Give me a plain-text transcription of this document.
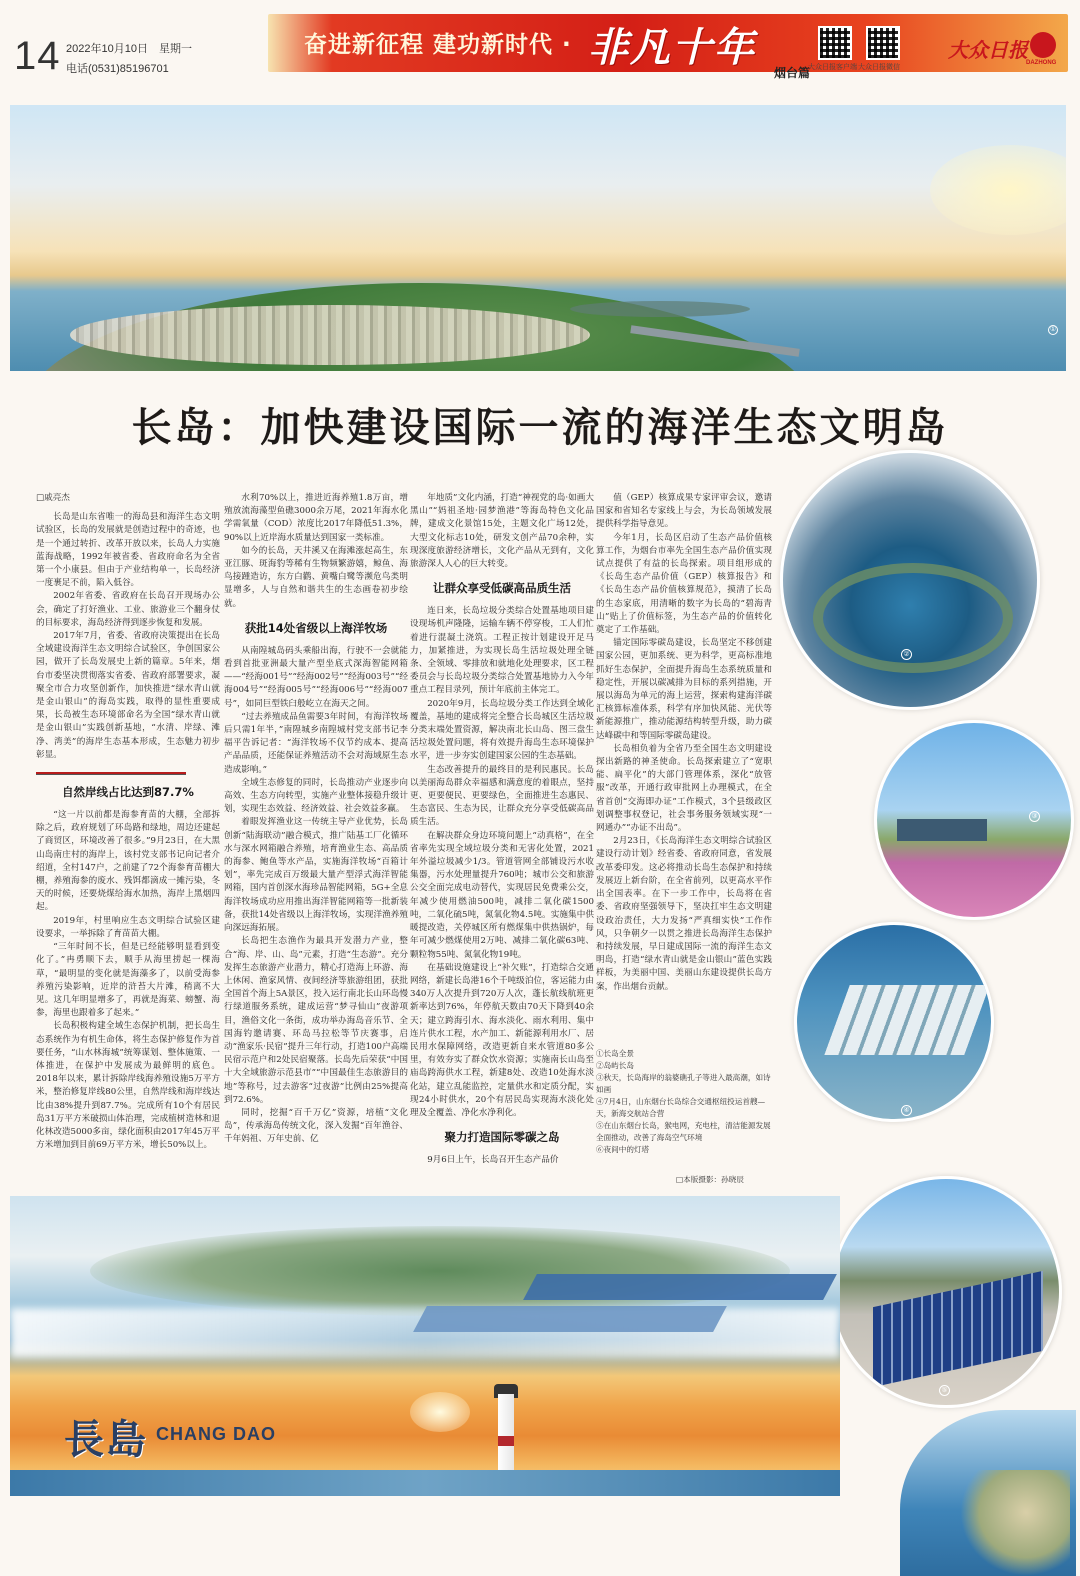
14 2022年10月10日　星期一
电话(0531)85196701
奋进新征程 建功新时代 · 非凡十年
烟台篇
大众日报客户端 大众日报微信
大众日报
DAZHONG
①
长岛：加快建设国际一流的海洋生态文明岛

□戚亮杰

长岛是山东省唯一的海岛县和海洋生态文明试验区，长岛的发展就是创造过程中的奇迹，也是一个通过转折、改革开放以来，长岛人力实施蓝海战略，1992年被省委、省政府命名为全省第一个小康县。但由于产业结构单一，长岛经济一度裹足不前，陷入低谷。

2002年省委、省政府在长岛召开现场办公会，确定了打好渔业、工业、旅游业三个翻身仗的目标要求，海岛经济得到逐步恢复和发展。

2017年7月，省委、省政府决策提出在长岛全域建设海洋生态文明综合试验区，争创国家公园，做开了长岛发展史上新的篇章。5年来，烟台市委坚决贯彻落实省委、省政府部署要求，凝聚全市合力攻坚创新作，加快推进“绿水青山就是金山银山”的海岛实践，取得的显性重要成果，长岛被生态环境部命名为全国“绿水青山就是金山银山”实践创新基地，“水清、岸绿、滩净、湾美”的海岸生态基本形成，生态魅力初步彰显。

自然岸线占比达到87.7%

“这一片以前都是海参育苗的大棚，全部拆除之后，政府规划了环岛路和绿地，周边还建起了商贸区，环境改善了很多。”9月23日，在大黑山岛南庄村的海岸上，该村党支部书记向记者介绍道，全村147户，之前建了72个海参育苗棚大棚，养殖海参的废水、残饵都滴成一摊污染，冬天的时候，还要烧煤给海水加热，海岸上黑烟四起。

2019年，村里响应生态文明综合试验区建设要求，一举拆除了育苗苗大棚。

“三年时间不长，但是已经能够明显看到变化了。”冉勇顺下去，顺手从海里捞起一棵海草，“最明显的变化就是海藻多了，以前受海参养殖污染影响，近岸的浒苔大片滩，稍离不大见。这几年明显增多了，再就是海菜、螃蟹、海参，海里也跟着多了起来。”

长岛积极构建全域生态保护机制，把长岛生态系统作为有机生命体，将生态保护修复作为首要任务，“山水林海城”统筹谋划、整体施策、一体推进，在保护中发展成为最鲜明的底色。2018年以来，累计拆除岸线海养殖设施5万平方米，整治修复岸线80公里，自然岸线和海岸线达比由38%提升到87.7%。完成所有10个有居民岛31万平方米破损山体治理，完成植树造林和退化林改造5000多亩，绿化面积由2017年45万平方米增加到目前69万平方米，增长50%以上。

水利70%以上，推进近海养殖1.8万亩，增殖放流海藻型鱼礁3000余万尾，2021年海水化学需氧量（COD）浓度比2017年降低51.3%，90%以上近岸海水质量达到国家一类标准。

如今的长岛，天井溪又在海滩涨起高生，东亚江豚、斑海豹等稀有生物频繁游嬉，鲸鱼、海鸟接踵造访，东方白鹳、黄嘴白鹭等濒危鸟类明显增多，人与自然和谐共生的生态画卷初步绘就。

获批14处省级以上海洋牧场

从南隍城岛码头乘船出海，行驶不一会就能看到首批亚洲最大量产型坐底式深海智能网箱——“经海001号”“经海002号”“经海003号”“经海004号”“经海005号”“经海006号”“经海007号”，如同巨型铁臼般屹立在海天之间。

“过去养殖成品鱼需要3年时间，有海洋牧场后只需1年半，”南隍城乡南隍城村党支部书记李福平告诉记者：“海洋牧场不仅节约成本、提高产品品质，还能保证养殖活动不会对海域原生态造成影响。”

全域生态修复的同时，长岛推动产业逐步向高效、生态方向转型，实施产业整体接稳升级计划，实现生态效益、经济效益、社会效益多赢。

着眼发挥渔业这一传统主导产业优势，长岛创新“陆海联动”融合模式，推广陆基工厂化循环水与深水网箱融合养殖，培育渔业生态、高品质的海参、鲍鱼等水产品，实施海洋牧场“百箱计划”，率先完成百万级最大量产型浮式海洋智能网箱，国内首创深水海珍品智能网箱，5G+全息海洋牧场成功应用推出海洋智能网箱等一批新装备，获批14处省级以上海洋牧场，实现洋渔养殖向深远海拓展。

长岛把生态渔作为最具开发潜力产业，整合“海、岸、山、岛”元素，打造“生态游”。充分发挥生态旅游产业潜力，精心打造海上环游、海上休闲、渔家风情、夜间经济等旅游组团，获批全国首个海上5A景区，投入运行南北长山环岛慢行绿道服务系统，建成运营“梦寻仙山”夜游项目，渔俗文化一条街，成功举办海岛音乐节、全国海钓邀请赛、环岛马拉松等节庆赛事，启动“渔家乐·民宿”提升三年行动，打造100户高端民宿示范户和2处民宿聚落。长岛先后荣获“中国十大全域旅游示范县市”“中国最佳生态旅游目的地”等称号，过去游客“过夜游”比例由25%提高到72.6%。

同时，挖掘“百千万亿”资源，培植“文化岛”，传承海岛传统文化，深入发掘“百年渔谷、千年妈祖、万年史前、亿

年地质”文化内涵，打造“神视党的岛·如画大黑山”“妈祖圣地·园梦渔港”等海岛特色文化品牌，建成文化景馆15处，主题文化广场12处，大型文化标志10处，研发文创产品70余种，实现深度旅游经济增长，文化产品从无到有，文化旅游深人人心的巨大转变。

让群众享受低碳高品质生活

连日来，长岛垃圾分类综合处置基地项目建设现场机声隆隆，运输车辆不停穿梭，工人们忙着进行混凝土浇筑。工程正按计划建设开足马力，加紧推进，为实现长岛生活垃圾处理全链条、全领域、零排放和就地化处理要求，区工程委员会与长岛垃圾分类综合处置基地协力入今年重点工程目录列，预计年底前主体完工。

2020年9月，长岛垃圾分类工作达到全域化覆盖，基地的建成将完全整合长岛城区生活垃圾分类末端处置资源，解决南北长山岛、图三盘生活垃圾处置问题，将有效提升海岛生态环境保护水平，进一步夯实创建国家公园的生态基础。

生态改善提升的最终目的是利民惠民。长岛以美丽海岛群众幸福感和满意度的着眼点，坚持更、更要便民、更要绿色，全面推进生态惠民、生态富民、生态为民，让群众充分享受低碳高品质生活。

在解决群众身边环境问题上“动真格”，在全省率先实现全域垃圾分类和无害化处置，2021年外溢垃圾减少1/3。管道管网全部铺设污水收集器，污水处理量提升760吨；城市公交和旅游公交全面完成电动替代，实现居民免费乘公交，年减少使用燃油500吨，减排二氧化碳1500吨，二氧化硫5吨，氮氧化物4.5吨。实施集中供暖提改造，关停城区所有燃煤集中供热锅炉，每年可减少燃煤使用2万吨、减排二氧化碳63吨、颗粒物55吨、氮氧化物19吨。

在基础设施建设上“补欠账”，打造综合交通网络，新建长岛港16个千吨级泊位，客运能力由340万人次提升到720万人次，蓬长航线航班更新率达到76%，年停航天数由70天下降到40余天；建立跨海引水、海水淡化、雨水利用、集中连片供水工程，水产加工、新能源利用水厂、居民用水保障网络，改造更新自来水管道80多公里，有效夯实了群众饮水资源；实施南长山岛至庙岛跨海供水工程，新建8处、改造10处海水淡化站，建立乱能监控，定量供水和定质分配，实现24小时供水，20个有居民岛实现海水淡化处理及全覆盖、净化水净利化。

聚力打造国际零碳之岛

9月6日上午，长岛召开生态产品价

值（GEP）核算成果专家评审会议，邀请国家和省知名专家线上与会，为长岛领域发展提供科学指导意见。

今年1月，长岛区启动了生态产品价值核算工作，为烟台市率先全国生态产品价值实现试点提供了有益的长岛探索。项目组形成的《长岛生态产品价值（GEP）核算报告》和《长岛生态产品价值核算规范》，摸清了长岛的生态家底，用清晰的数字为长岛的“碧海青山”贴上了价值标签，为生态产品的价值转化奠定了工作基础。

锚定国际零碳岛建设，长岛坚定不移创建国家公园，更加系统、更为科学，更高标准地抓好生态保护，全面提升海岛生态系统质量和稳定性，开展以碳减排为目标的系列措施，开展以海岛为单元的海上运营，探索构建海洋碳汇核算标准体系，科学有序加快风能、光伏等新能源推广，推动能源结构转型升级，助力碳达峰碳中和等国际零碳岛建设。

长岛相负着为全省乃至全国生态文明建设探出新路的神圣使命。长岛探索建立了“宽职能、扁平化”的大部门管理体系，深化“放管服”改革，开通行政审批网上办理模式，在全省首创“交海即办证”工作模式，3个县级政区划调整事权登记，社会事务服务领域实现“一网通办”“办证不出岛”。

2月23日，《长岛海洋生态文明综合试验区建设行动计划》经省委、省政府同意，省发展改革委印发。这必将推动长岛生态保护和持续发展迈上新台阶，在全省前列，以更高水平作出全国表率。在下一步工作中，长岛将在省委、省政府坚强领导下，坚决扛牢生态文明建设政治责任，大力发扬“严真细实快”工作作风，只争朝夕一以贯之推进长岛海洋生态保护和持续发展，早日建成国际一流的海洋生态文明岛，打造“绿水青山就是金山银山”蓝色实践样板，为美丽中国、美丽山东建设提供长岛方案，作出烟台贡献。

①长岛全景
②岛屿长岛
③秋天，长岛海岸的翁婆礁孔子等进入最高潮，如诗如画
④7月4日，山东烟台长岛综合交通枢纽投运首艘—天，新海交航站合营
⑤在山东烟台长岛，猴电网，充电柱，清洁能源发展全面推动，改善了海岛空气环境
⑥夜间中的灯塔
□本版摄影：孙晓辰
②
③
④
⑤
長島 CHANG DAO
